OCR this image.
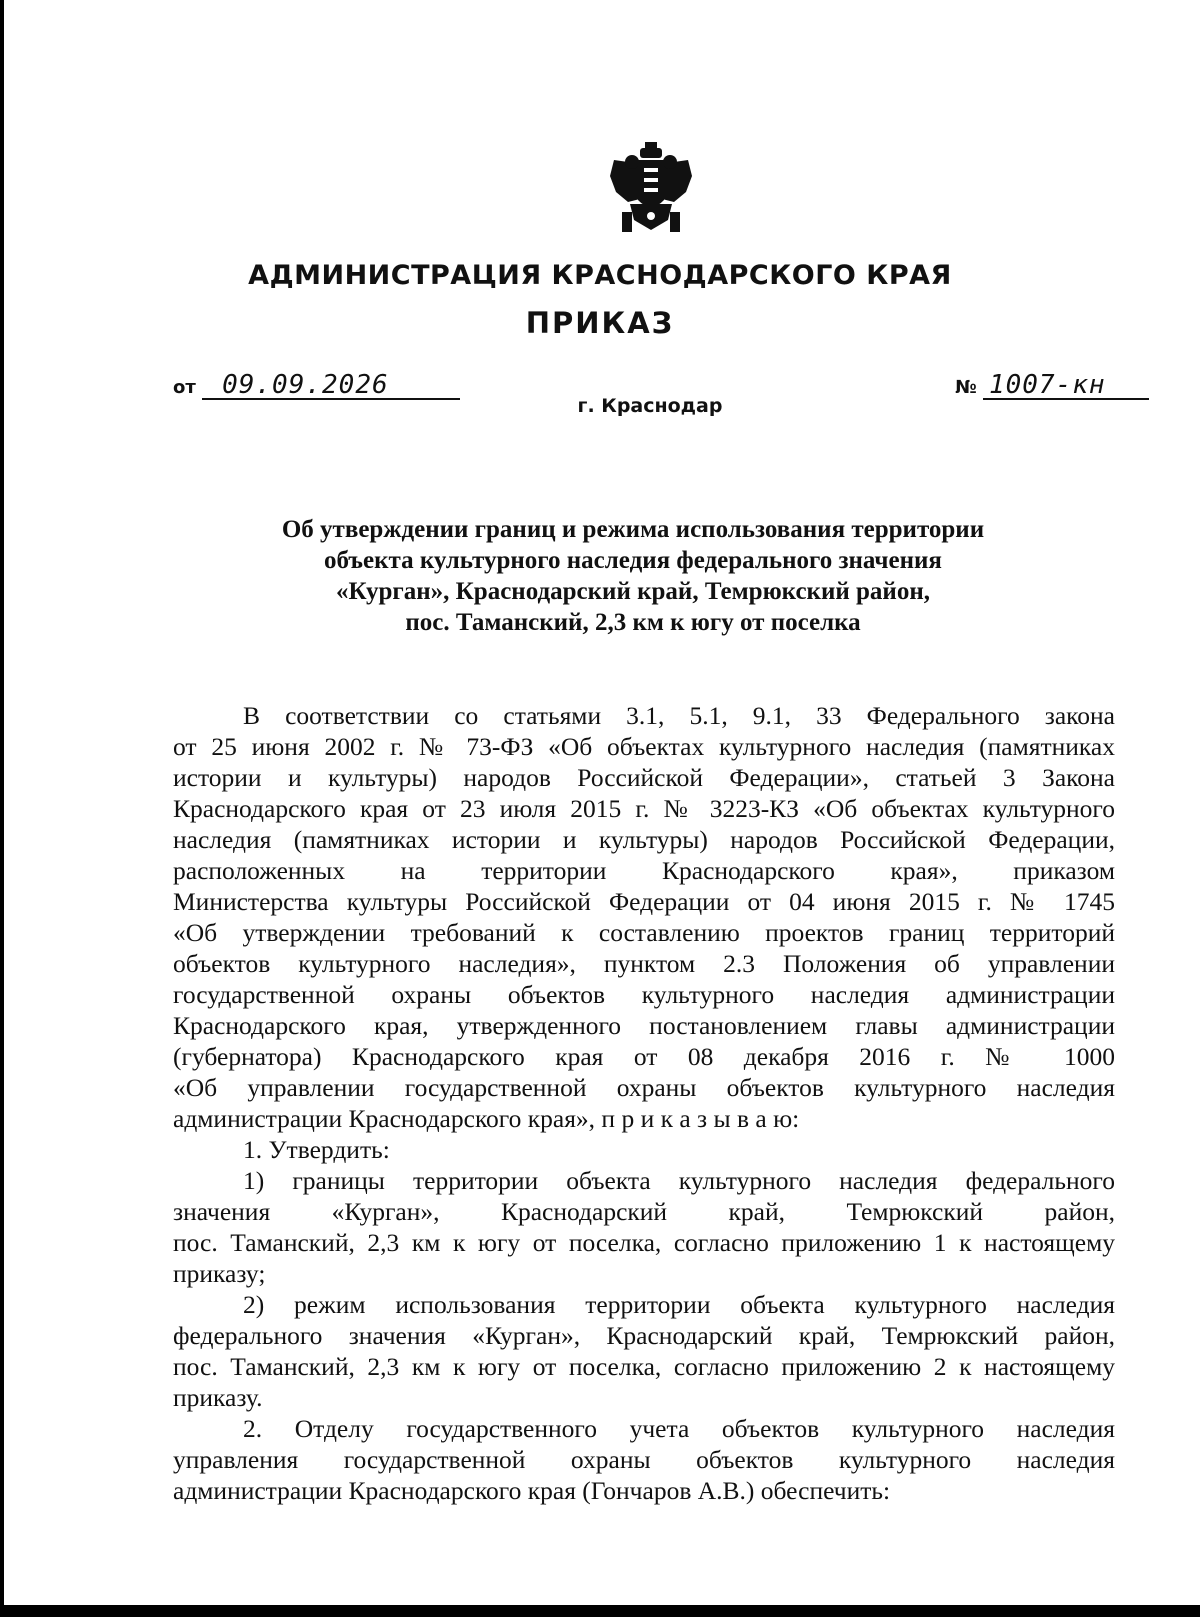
АДМИНИСТРАЦИЯ КРАСНОДАРСКОГО КРАЯ
ПРИКАЗ
от 09.09.2026	№ 1007-кн
г. Краснодар
Об утверждении границ и режима использования территории
объекта культурного наследия федерального значения
«Курган», Краснодарский край, Темрюкский район,
пос. Таманский, 2,3 км к югу от поселка
В соответствии со статьями 3.1, 5.1, 9.1, 33 Федерального закона
от 25 июня 2002 г. № 73-ФЗ «Об объектах культурного наследия (памятниках
истории и культуры) народов Российской Федерации», статьей 3 Закона
Краснодарского края от 23 июля 2015 г. № 3223-КЗ «Об объектах культурного
наследия (памятниках истории и культуры) народов Российской Федерации,
расположенных на территории Краснодарского края», приказом
Министерства культуры Российской Федерации от 04 июня 2015 г. № 1745
«Об утверждении требований к составлению проектов границ территорий
объектов культурного наследия», пунктом 2.3 Положения об управлении
государственной охраны объектов культурного наследия администрации
Краснодарского края, утвержденного постановлением главы администрации
(губернатора) Краснодарского края от 08 декабря 2016 г. № 1000
«Об управлении государственной охраны объектов культурного наследия
администрации Краснодарского края», п р и к а з ы в а ю:
1. Утвердить:
1) границы территории объекта культурного наследия федерального
значения «Курган», Краснодарский край, Темрюкский район,
пос. Таманский, 2,3 км к югу от поселка, согласно приложению 1 к настоящему
приказу;
2) режим использования территории объекта культурного наследия
федерального значения «Курган», Краснодарский край, Темрюкский район,
пос. Таманский, 2,3 км к югу от поселка, согласно приложению 2 к настоящему
приказу.
2. Отделу государственного учета объектов культурного наследия
управления государственной охраны объектов культурного наследия
администрации Краснодарского края (Гончаров А.В.) обеспечить:
